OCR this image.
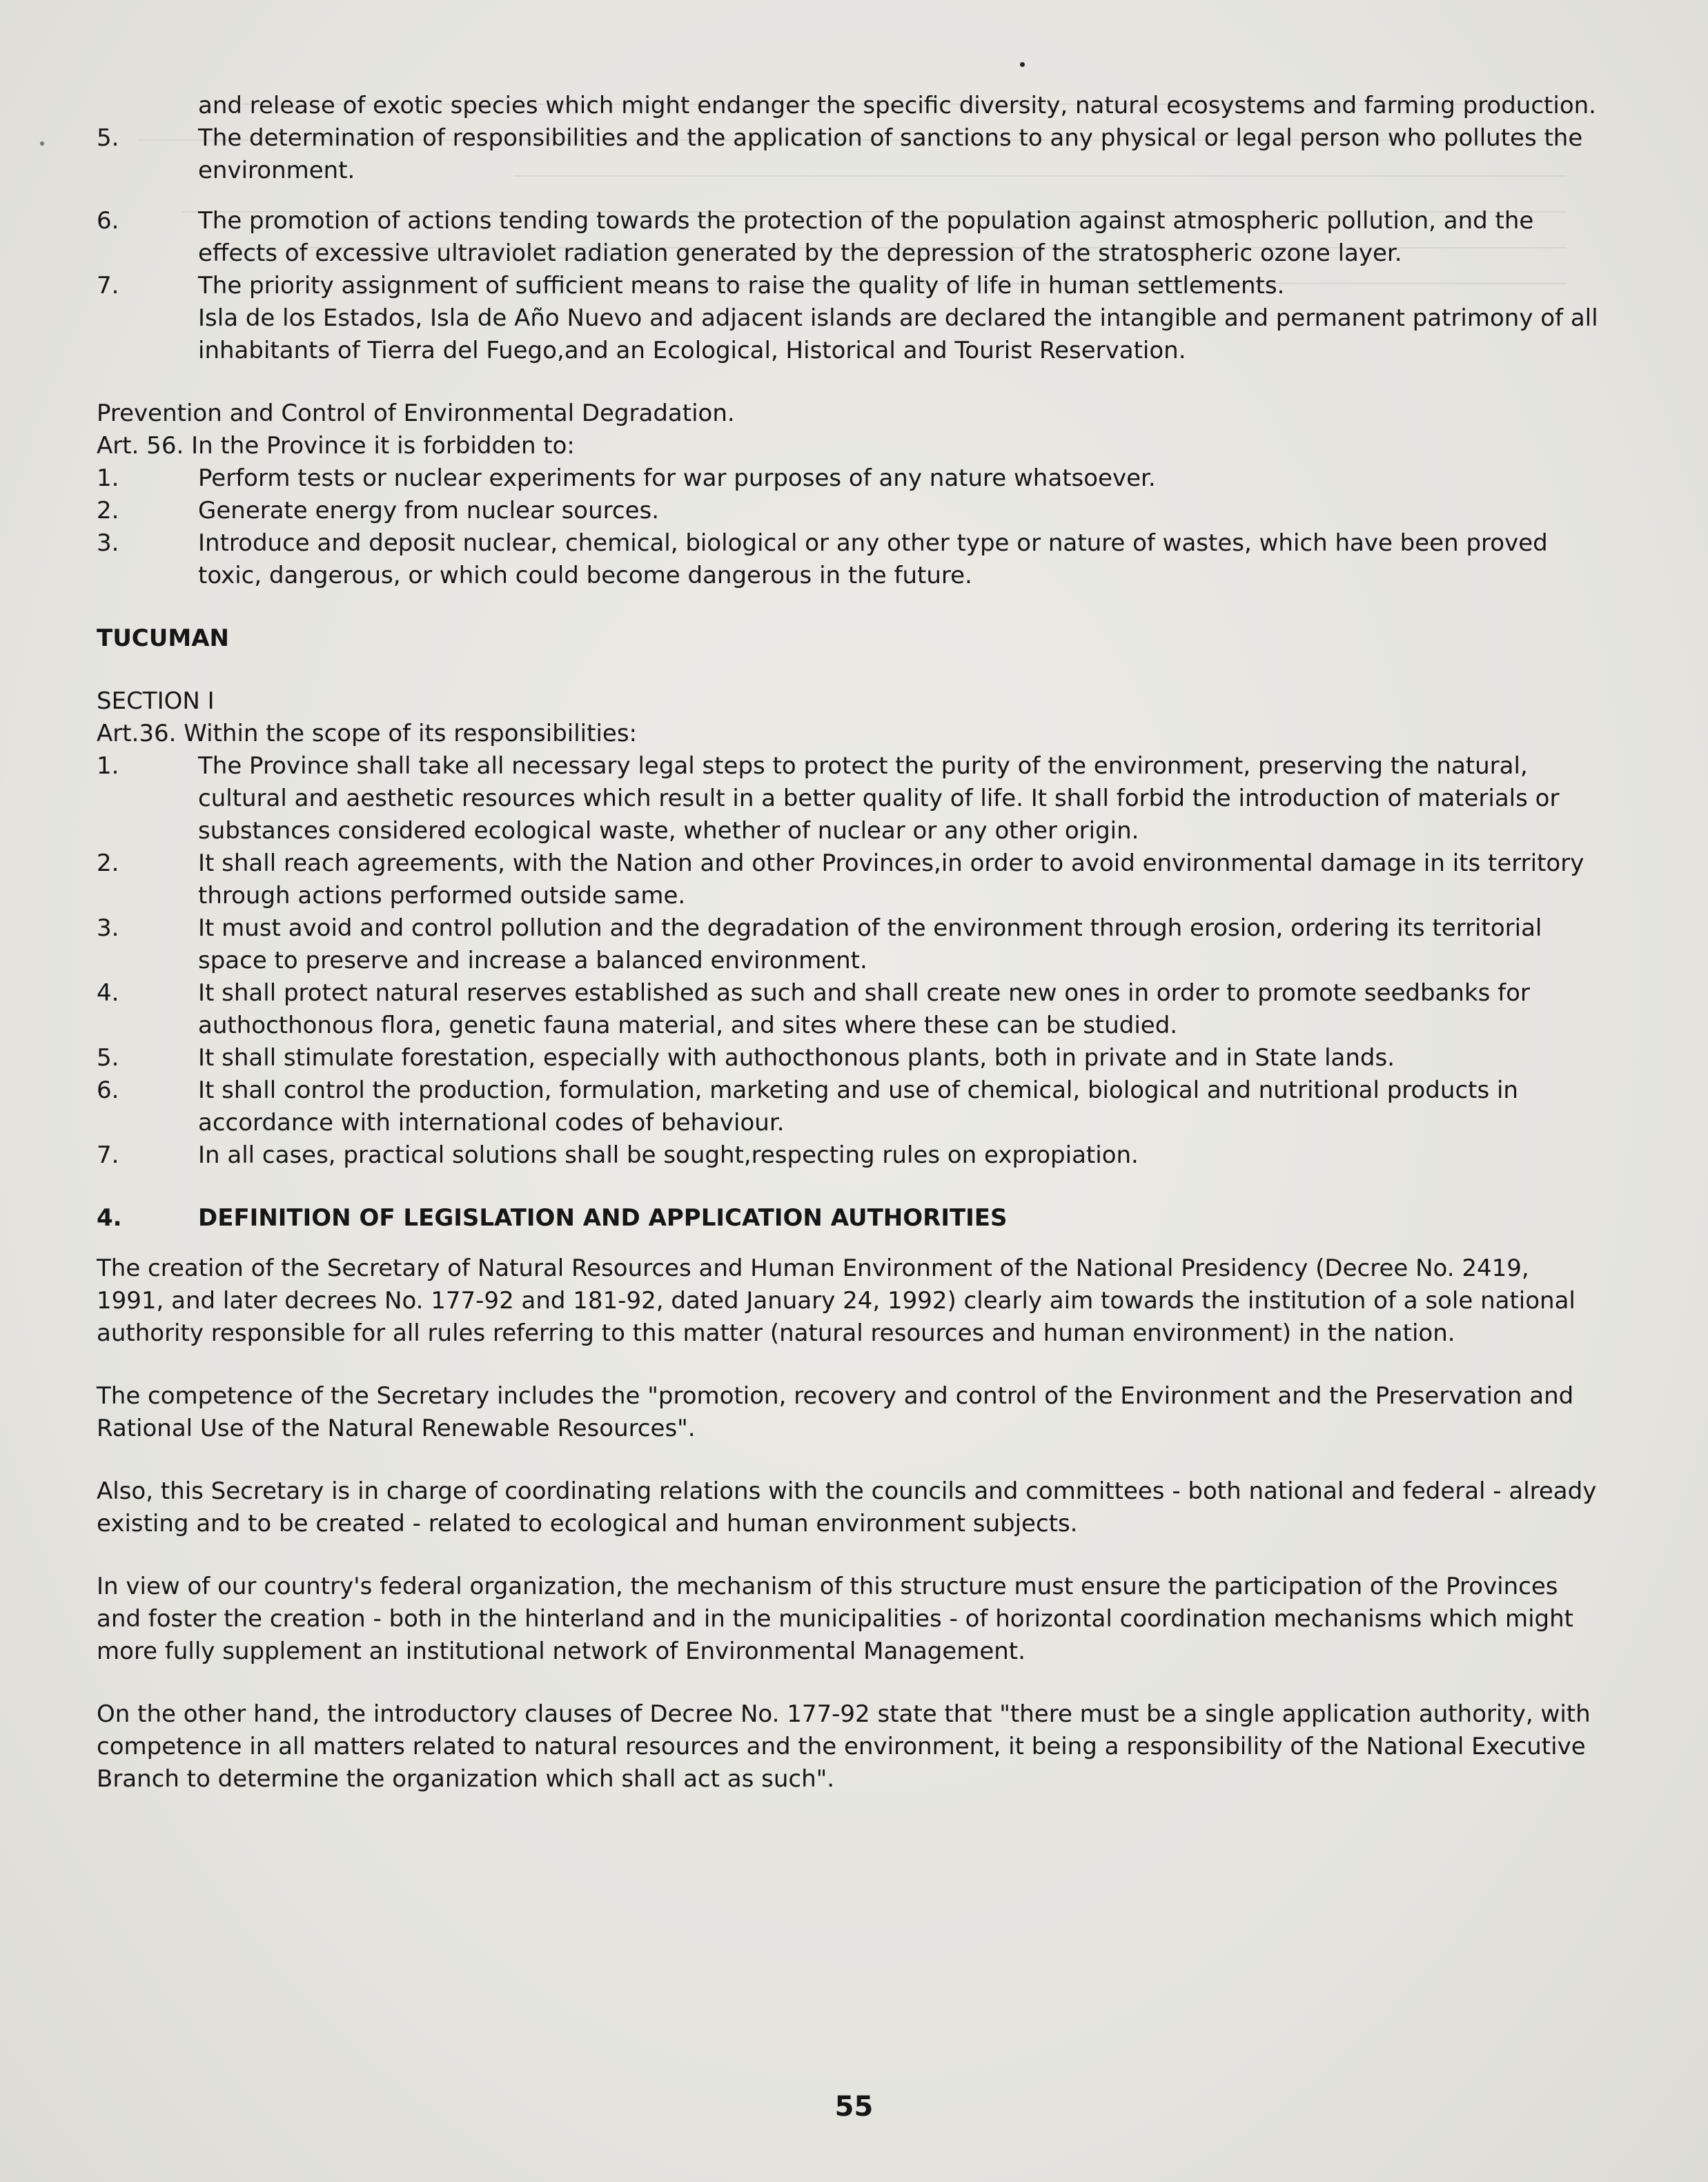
and release of exotic species which might endanger the specific diversity, natural ecosystems and farming production.
5.	The determination of responsibilities and the application of sanctions to any physical or legal person who pollutes the environment.
6.	The promotion of actions tending towards the protection of the population against atmospheric pollution, and the effects of excessive ultraviolet radiation generated by the depression of the stratospheric ozone layer.
7.	The priority assignment of sufficient means to raise the quality of life in human settlements.
Isla de los Estados, Isla de Año Nuevo and adjacent islands are declared the intangible and permanent patrimony of all inhabitants of Tierra del Fuego,and an Ecological, Historical and Tourist Reservation.

Prevention and Control of Environmental Degradation.

Art. 56. In the Province it is forbidden to:

1.	Perform tests or nuclear experiments for war purposes of any nature whatsoever.
2.	Generate energy from nuclear sources.
3.	Introduce and deposit nuclear, chemical, biological or any other type or nature of wastes, which have been proved toxic, dangerous, or which could become dangerous in the future.

TUCUMAN

SECTION I

Art.36. Within the scope of its responsibilities:

1.	The Province shall take all necessary legal steps to protect the purity of the environment, preserving the natural, cultural and aesthetic resources which result in a better quality of life. It shall forbid the introduction of materials or substances considered ecological waste, whether of nuclear or any other origin.
2.	It shall reach agreements, with the Nation and other Provinces,in order to avoid environmental damage in its territory through actions performed outside same.
3.	It must avoid and control pollution and the degradation of the environment through erosion, ordering its territorial space to preserve and increase a balanced environment.
4.	It shall protect natural reserves established as such and shall create new ones in order to promote seedbanks for authocthonous flora, genetic fauna material, and sites where these can be studied.
5.	It shall stimulate forestation, especially with authocthonous plants, both in private and in State lands.
6.	It shall control the production, formulation, marketing and use of chemical, biological and nutritional products in accordance with international codes of behaviour.
7.	In all cases, practical solutions shall be sought,respecting rules on expropiation.
4.	DEFINITION OF LEGISLATION AND APPLICATION AUTHORITIES

The creation of the Secretary of Natural Resources and Human Environment of the National Presidency (Decree No. 2419, 1991, and later decrees No. 177-92 and 181-92, dated January 24, 1992) clearly aim towards the institution of a sole national authority responsible for all rules referring to this matter (natural resources and human environment) in the nation.

The competence of the Secretary includes the "promotion, recovery and control of the Environment and the Preservation and Rational Use of the Natural Renewable Resources".

Also, this Secretary is in charge of coordinating relations with the councils and committees - both national and federal - already existing and to be created - related to ecological and human environment subjects.

In view of our country's federal organization, the mechanism of this structure must ensure the participation of the Provinces and foster the creation - both in the hinterland and in the municipalities - of horizontal coordination mechanisms which might more fully supplement an institutional network of Environmental Management.

On the other hand, the introductory clauses of Decree No. 177-92 state that "there must be a single application authority, with competence in all matters related to natural resources and the environment, it being a responsibility of the National Executive Branch to determine the organization which shall act as such".

55
